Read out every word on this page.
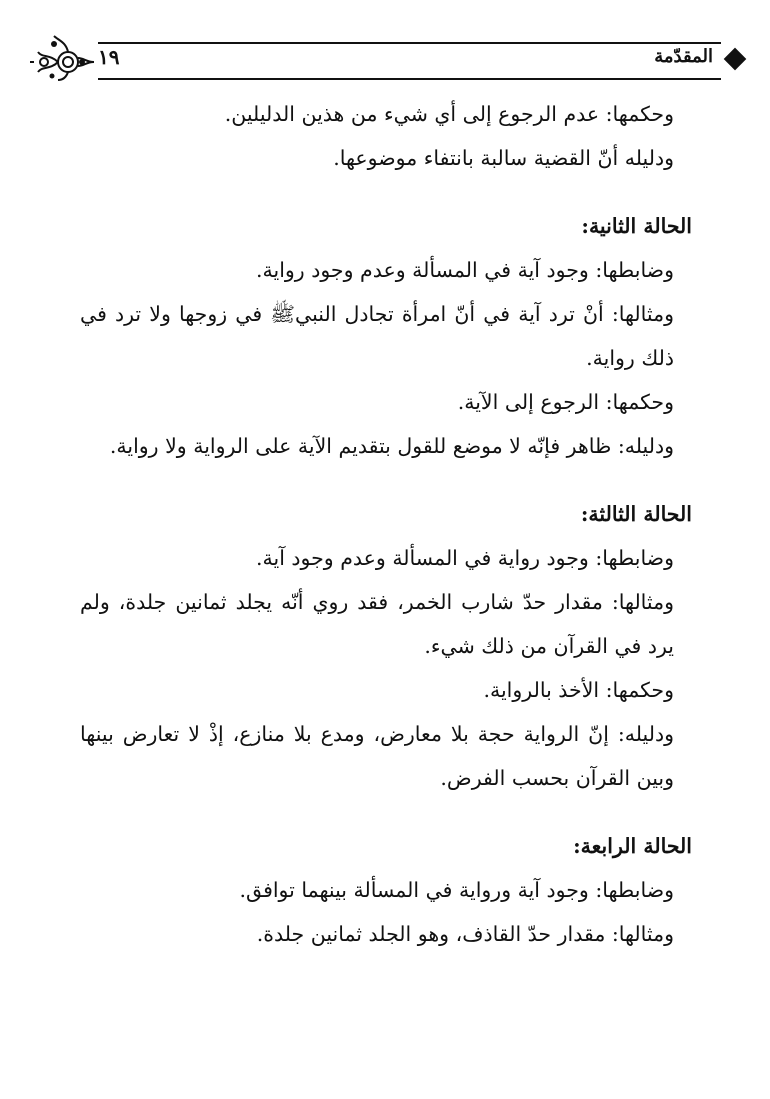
المقدّمة
١٩

وحكمها: عدم الرجوع إلى أي شيء من هذين الدليلين.

ودليله أنّ القضية سالبة بانتفاء موضوعها.

الحالة الثانية:

وضابطها: وجود آية في المسألة وعدم وجود رواية.

ومثالها: أنْ ترد آية في أنّ امرأة تجادل النبيﷺ في زوجها ولا ترد في ذلك رواية.

وحكمها: الرجوع إلى الآية.

ودليله: ظاهر فإنّه لا موضع للقول بتقديم الآية على الرواية ولا رواية.

الحالة الثالثة:

وضابطها: وجود رواية في المسألة وعدم وجود آية.

ومثالها: مقدار حدّ شارب الخمر، فقد روي أنّه يجلد ثمانين جلدة، ولم يرد في القرآن من ذلك شيء.

وحكمها: الأخذ بالرواية.

ودليله: إنّ الرواية حجة بلا معارض، ومدع بلا منازع، إذْ لا تعارض بينها وبين القرآن بحسب الفرض.

الحالة الرابعة:

وضابطها: وجود آية ورواية في المسألة بينهما توافق.

ومثالها: مقدار حدّ القاذف، وهو الجلد ثمانين جلدة.
